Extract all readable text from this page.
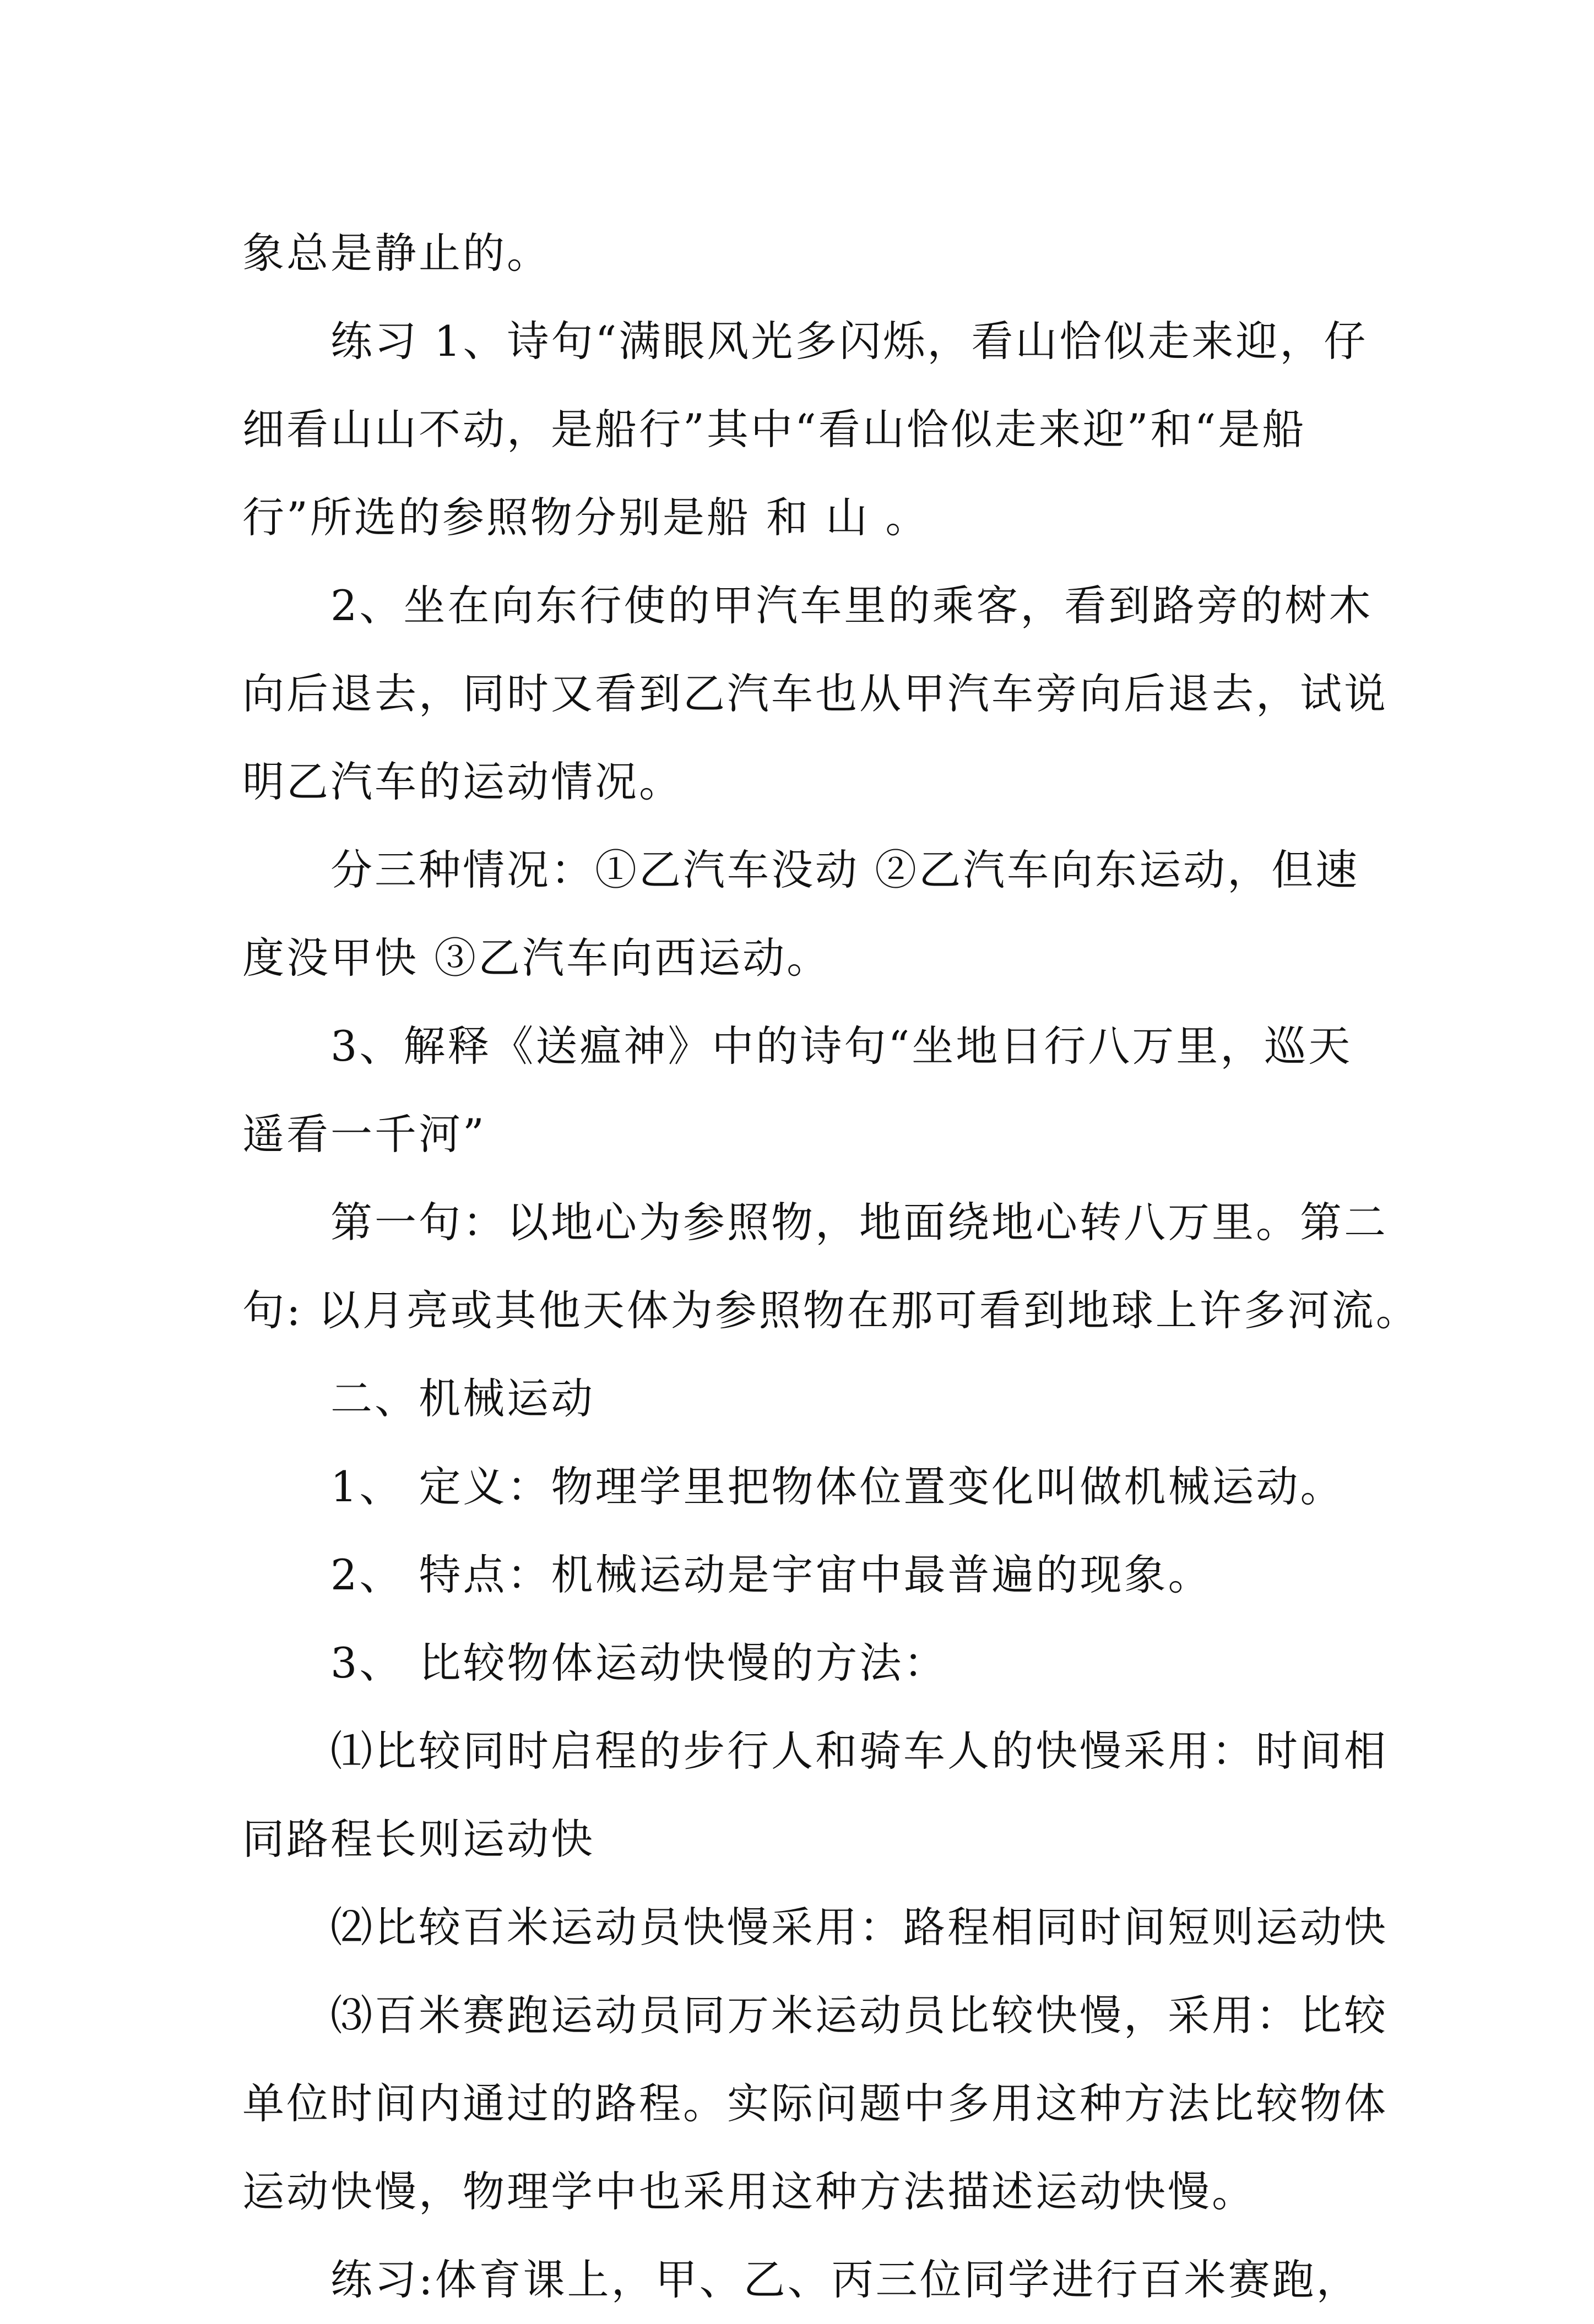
象总是静止的。

练习 1、诗句“满眼风光多闪烁，看山恰似走来迎，仔

细看山山不动，是船行”其中“看山恰似走来迎”和“是船

行”所选的参照物分别是船 和 山 。

2、坐在向东行使的甲汽车里的乘客，看到路旁的树木

向后退去，同时又看到乙汽车也从甲汽车旁向后退去，试说

明乙汽车的运动情况。

分三种情况：①乙汽车没动 ②乙汽车向东运动，但速

度没甲快 ③乙汽车向西运动。

3、解释《送瘟神》中的诗句“坐地日行八万里，巡天

遥看一千河”

第一句：以地心为参照物，地面绕地心转八万里。第二

句: 以月亮或其他天体为参照物在那可看到地球上许多河流。

二、机械运动

1、 定义：物理学里把物体位置变化叫做机械运动。

2、 特点：机械运动是宇宙中最普遍的现象。

3、 比较物体运动快慢的方法：

⑴比较同时启程的步行人和骑车人的快慢采用：时间相

同路程长则运动快

⑵比较百米运动员快慢采用：路程相同时间短则运动快

⑶百米赛跑运动员同万米运动员比较快慢，采用：比较

单位时间内通过的路程。实际问题中多用这种方法比较物体

运动快慢，物理学中也采用这种方法描述运动快慢。

练习:体育课上，甲、乙、丙三位同学进行百米赛跑，
